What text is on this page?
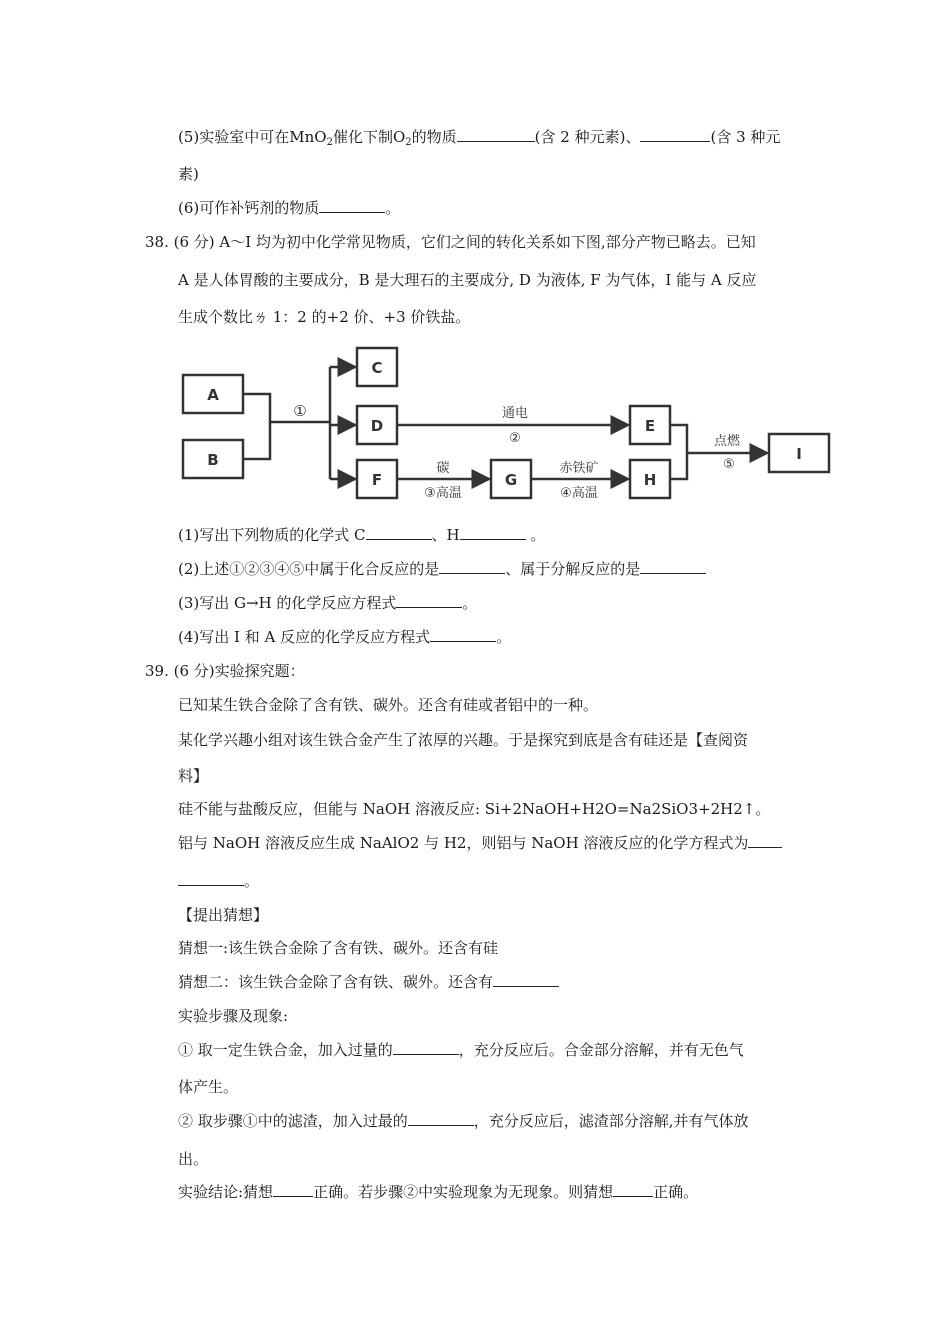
(5)实验室中可在MnO$_2$催化下制$O_2$的物质	(含 2 种元素)、	(含 3 种元
素)
(6)可作补钙剂的物质	。
38. (6 分) A～I 均为初中化学常见物质，它们之间的转化关系如下图,部分产物已略去。已知
A 是人体胃酸的主要成分，B 是大理石的主要成分, D 为液体, F 为气体，I 能与 A 反应
生成个数比ㄌ 1：2 的+2 价、+3 价铁盐。
A
B
C
D
F	G
E
H
I
①	通电
②
碳
③高温
赤铁矿
④高温
点燃
⑤
(1)写出下列物质的化学式 C	、H	。
(2)上述①②③④⑤中属于化合反应的是	、属于分解反应的是
(3)写出 G→H 的化学反应方程式	。
(4)写出 I 和 A 反应的化学反应方程式	。
39. (6 分)实验探究题：
已知某生铁合金除了含有铁、碳外。还含有硅或者铝中的一种。
某化学兴趣小组对该生铁合金产生了浓厚的兴趣。于是探究到底是含有硅还是【查阅资
料】
硅不能与盐酸反应，但能与 NaOH 溶液反应: Si+2NaOH+H2O=Na2SiO3+2H2↑。
铝与 NaOH 溶液反应生成 NaAlO2 与 H2，则铝与 NaOH 溶液反应的化学方程式为
。
【提出猜想】
猜想一:该生铁合金除了含有铁、碳外。还含有硅
猜想二：该生铁合金除了含有铁、碳外。还含有
实验步骤及现象:
① 取一定生铁合金，加入过量的	，充分反应后。合金部分溶解，并有无色气
体产生。
② 取步骤①中的滤渣，加入过最的	，充分反应后，滤渣部分溶解,并有气体放
出。
实验结论:猜想	正确。若步骤②中实验现象为无现象。则猜想	正确。
